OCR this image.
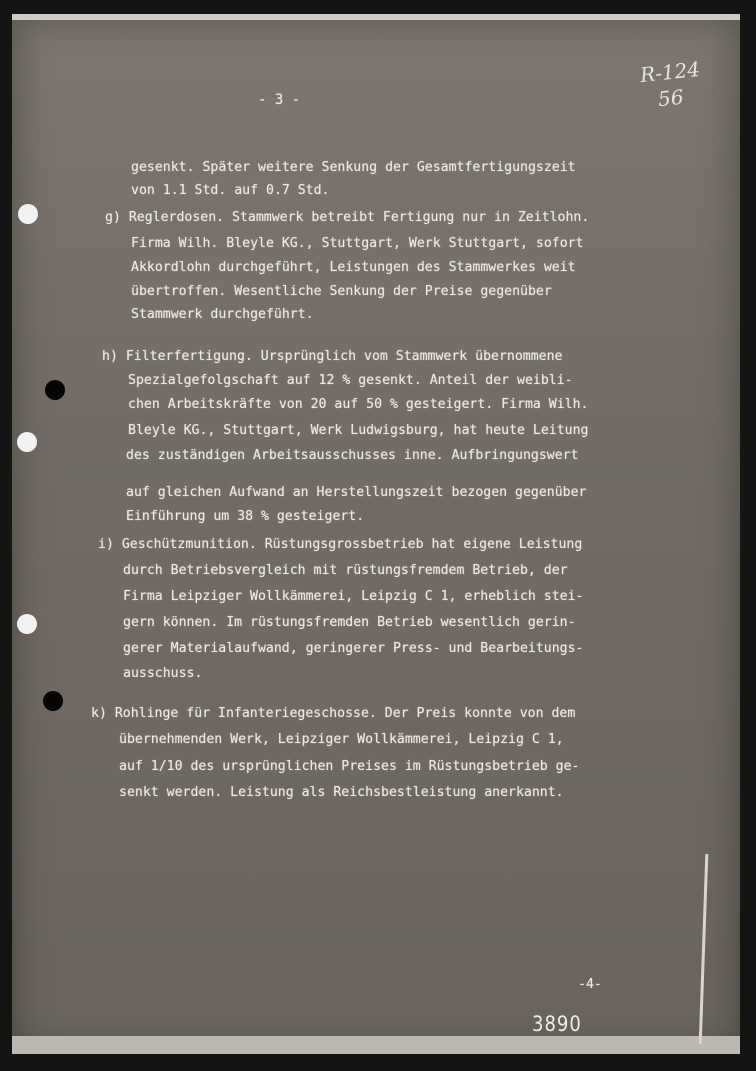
- 3 -
R-124
56
gesenkt. Später weitere Senkung der Gesamtfertigungszeit
von 1.1 Std. auf 0.7 Std.
g) Reglerdosen. Stammwerk betreibt Fertigung nur in Zeitlohn.
Firma Wilh. Bleyle KG., Stuttgart, Werk Stuttgart, sofort
Akkordlohn durchgeführt, Leistungen des Stammwerkes weit
übertroffen. Wesentliche Senkung der Preise gegenüber
Stammwerk durchgeführt.
h) Filterfertigung. Ursprünglich vom Stammwerk übernommene
Spezialgefolgschaft auf 12 % gesenkt. Anteil der weibli-
chen Arbeitskräfte von 20 auf 50 % gesteigert. Firma Wilh.
Bleyle KG., Stuttgart, Werk Ludwigsburg, hat heute Leitung
des zuständigen Arbeitsausschusses inne. Aufbringungswert
auf gleichen Aufwand an Herstellungszeit bezogen gegenüber
Einführung um 38 % gesteigert.
i) Geschützmunition. Rüstungsgrossbetrieb hat eigene Leistung
durch Betriebsvergleich mit rüstungsfremdem Betrieb, der
Firma Leipziger Wollkämmerei, Leipzig C 1, erheblich stei-
gern können. Im rüstungsfremden Betrieb wesentlich gerin-
gerer Materialaufwand, geringerer Press- und Bearbeitungs-
ausschuss.
k) Rohlinge für Infanteriegeschosse. Der Preis konnte von dem
übernehmenden Werk, Leipziger Wollkämmerei, Leipzig C 1,
auf 1/10 des ursprünglichen Preises im Rüstungsbetrieb ge-
senkt werden. Leistung als Reichsbestleistung anerkannt.
-4-
3890
